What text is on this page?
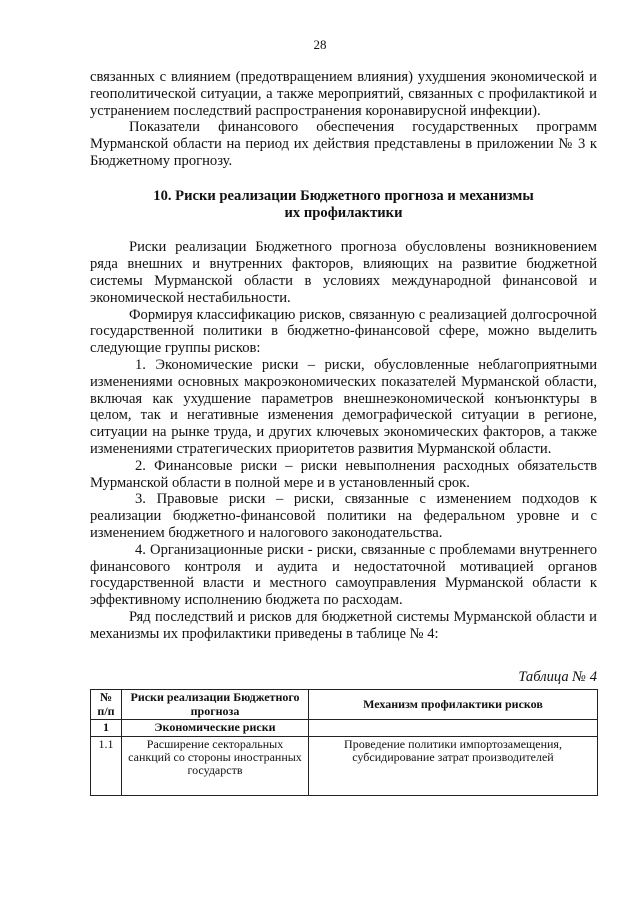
28

связанных с влиянием (предотвращением влияния) ухудшения экономической и геополитической ситуации, а также мероприятий, связанных с профилактикой и устранением последствий распространения коронавирусной инфекции).

Показатели финансового обеспечения государственных программ Мурманской области на период их действия представлены в приложении № 3 к Бюджетному прогнозу.

10. Риски реализации Бюджетного прогноза и механизмы
их профилактики

Риски реализации Бюджетного прогноза обусловлены возникновением ряда внешних и внутренних факторов, влияющих на развитие бюджетной системы Мурманской области в условиях международной финансовой и экономической нестабильности.

Формируя классификацию рисков, связанную с реализацией долгосрочной государственной политики в бюджетно-финансовой сфере, можно выделить следующие группы рисков:

1. Экономические риски – риски, обусловленные неблагоприятными изменениями основных макроэкономических показателей Мурманской области, включая как ухудшение параметров внешнеэкономической конъюнктуры в целом, так и негативные изменения демографической ситуации в регионе, ситуации на рынке труда, и других ключевых экономических факторов, а также изменениями стратегических приоритетов развития Мурманской области.

2. Финансовые риски – риски невыполнения расходных обязательств Мурманской области в полной мере и в установленный срок.

3. Правовые риски – риски, связанные с изменением подходов к реализации бюджетно-финансовой политики на федеральном уровне и с изменением бюджетного и налогового законодательства.

4. Организационные риски - риски, связанные с проблемами внутреннего финансового контроля и аудита и недостаточной мотивацией органов государственной власти и местного самоуправления Мурманской области к эффективному исполнению бюджета по расходам.

Ряд последствий и рисков для бюджетной системы Мурманской области и механизмы их профилактики приведены в таблице № 4:

Таблица № 4
№ п/п	Риски реализации Бюджетного прогноза	Механизм профилактики рисков
1	Экономические риски	
1.1	Расширение секторальных санкций со стороны иностранных государств	Проведение политики импортозамещения, субсидирование затрат производителей
